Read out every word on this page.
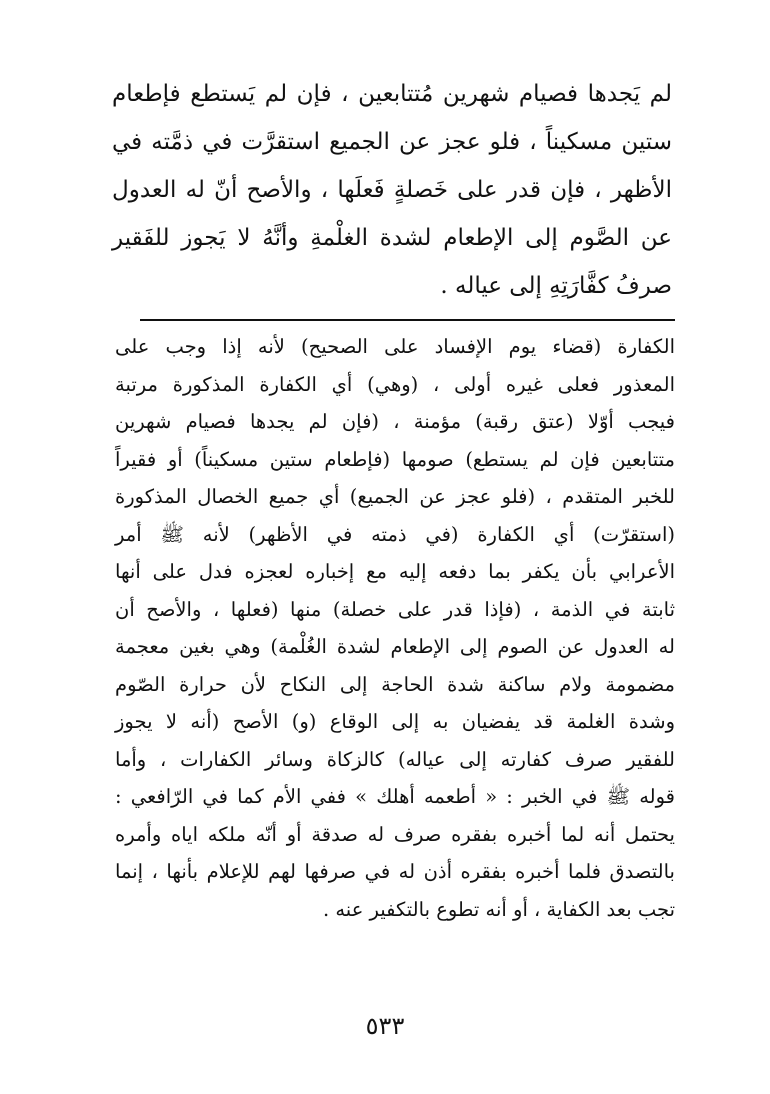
لم يَجدها فصيام شهرين مُتتابعين ، فإن لم يَستطع فإطعام
ستين مسكيناً ، فلو عجز عن الجميع استقرَّت في ذمَّته في
الأظهر ، فإن قدر على خَصلةٍ فَعلَها ، والأصح أنّ له العدول
عن الصَّوم إلى الإطعام لشدة الغلْمةِ وأنَّهُ لا يَجوز للفَقير
صرفُ كفَّارَتِهِ إلى عياله .
الكفارة (قضاء يوم الإفساد على الصحيح) لأنه إذا وجب على
المعذور فعلى غيره أولى ، (وهي) أي الكفارة المذكورة مرتبة
فيجب أوّلا (عتق رقبة) مؤمنة ، (فإن لم يجدها فصيام شهرين
متتابعين فإن لم يستطع) صومها (فإطعام ستين مسكيناً) أو فقيراً
للخبر المتقدم ، (فلو عجز عن الجميع) أي جميع الخصال المذكورة
(استقرّت) أي الكفارة (في ذمته في الأظهر) لأنه ﷺ أمر
الأعرابي بأن يكفر بما دفعه إليه مع إخباره لعجزه فدل على أنها
ثابتة في الذمة ، (فإذا قدر على خصلة) منها (فعلها ، والأصح أن
له العدول عن الصوم إلى الإطعام لشدة الغُلْمة) وهي بغين معجمة
مضمومة ولام ساكنة شدة الحاجة إلى النكاح لأن حرارة الصّوم
وشدة الغلمة قد يفضيان به إلى الوقاع (و) الأصح (أنه لا يجوز
للفقير صرف كفارته إلى عياله) كالزكاة وسائر الكفارات ، وأما
قوله ﷺ في الخبر : « أطعمه أهلك » ففي الأم كما في الرّافعي :
يحتمل أنه لما أخبره بفقره صرف له صدقة أو أنّه ملكه اياه وأمره
بالتصدق فلما أخبره بفقره أذن له في صرفها لهم للإعلام بأنها ، إنما
تجب بعد الكفاية ، أو أنه تطوع بالتكفير عنه .
٥٣٣
